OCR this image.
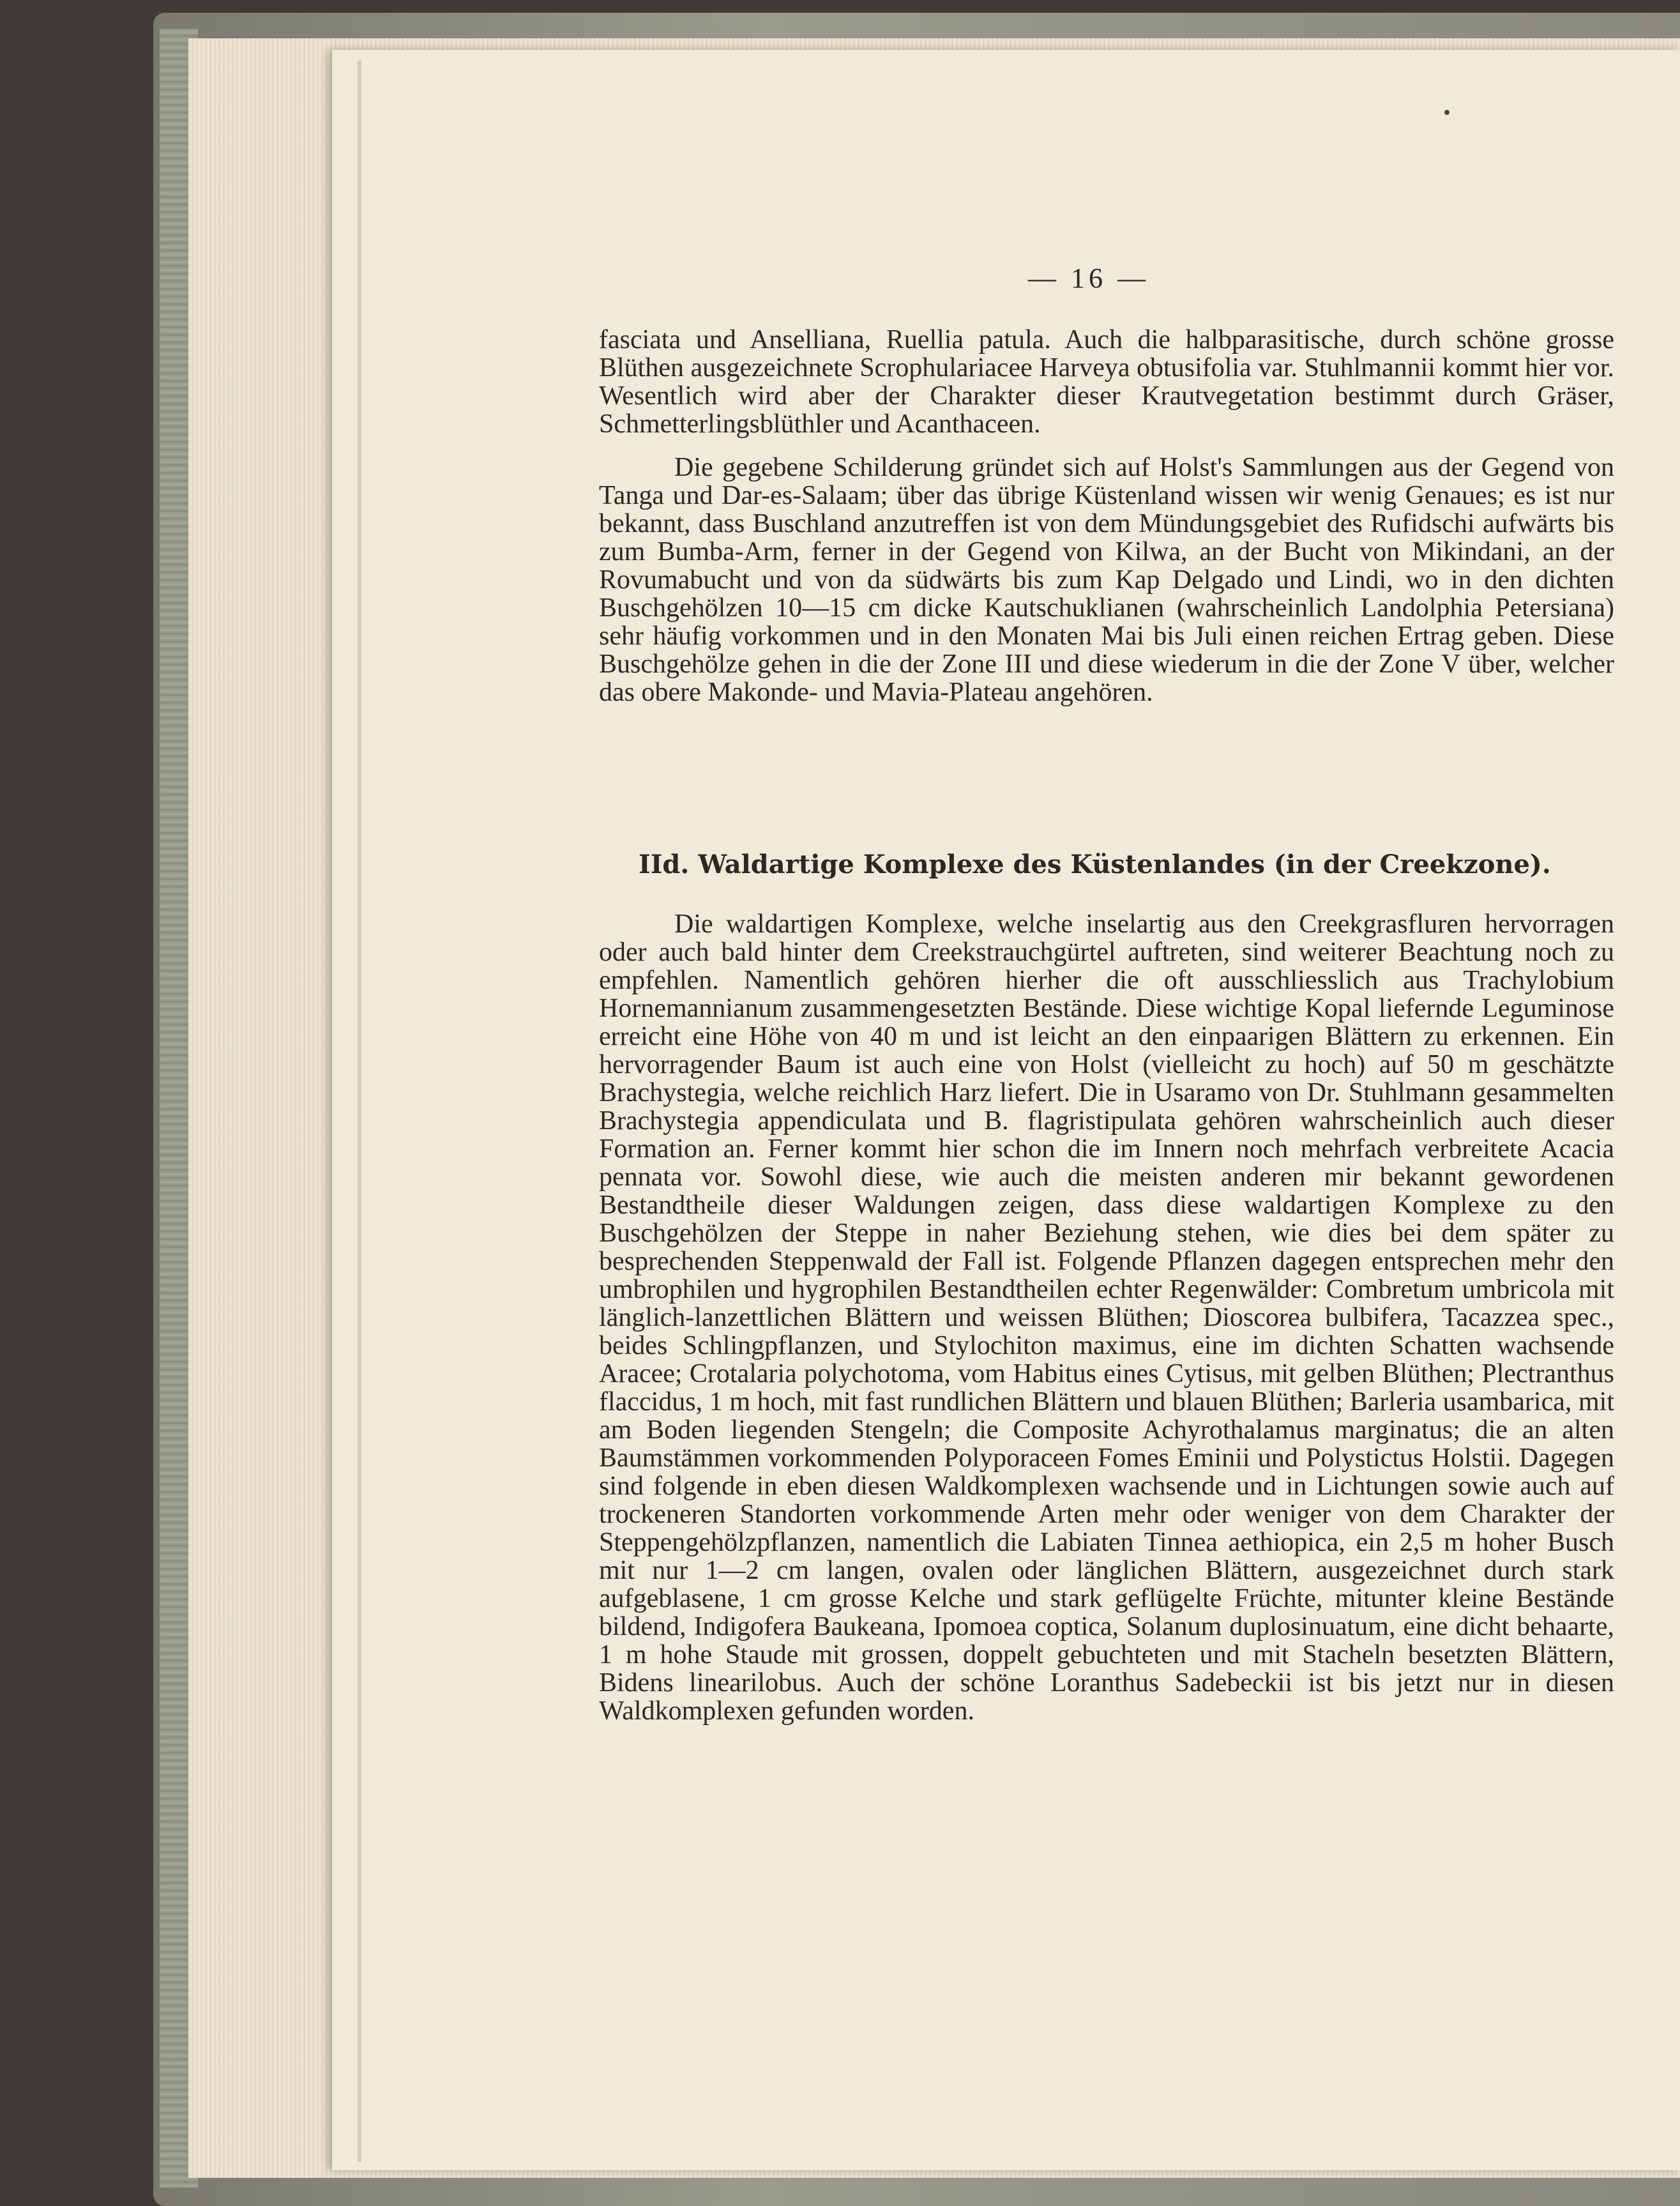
— 16 —
fasciata und Anselliana, Ruellia patula. Auch die halbparasitische, durch schöne grosse Blüthen ausgezeichnete Scrophulariacee Harveya obtusifolia var. Stuhlmannii kommt hier vor. Wesentlich wird aber der Charakter dieser Krautvegetation bestimmt durch Gräser, Schmetterlingsblüthler und Acanthaceen.
Die gegebene Schilderung gründet sich auf Holst's Sammlungen aus der Gegend von Tanga und Dar-es-Salaam; über das übrige Küstenland wissen wir wenig Genaues; es ist nur bekannt, dass Buschland anzutreffen ist von dem Mündungsgebiet des Rufidschi aufwärts bis zum Bumba-Arm, ferner in der Gegend von Kilwa, an der Bucht von Mikindani, an der Rovumabucht und von da südwärts bis zum Kap Delgado und Lindi, wo in den dichten Buschgehölzen 10—15 cm dicke Kautschuklianen (wahrscheinlich Landolphia Petersiana) sehr häufig vorkommen und in den Monaten Mai bis Juli einen reichen Ertrag geben. Diese Buschgehölze gehen in die der Zone III und diese wiederum in die der Zone V über, welcher das obere Makonde- und Mavia-Plateau angehören.
IId. Waldartige Komplexe des Küstenlandes (in der Creekzone).
Die waldartigen Komplexe, welche inselartig aus den Creekgrasfluren hervorragen oder auch bald hinter dem Creekstrauchgürtel auftreten, sind weiterer Beachtung noch zu empfehlen. Namentlich gehören hierher die oft ausschliesslich aus Trachylobium Hornemannianum zusammengesetzten Bestände. Diese wichtige Kopal liefernde Leguminose erreicht eine Höhe von 40 m und ist leicht an den einpaarigen Blättern zu erkennen. Ein hervorragender Baum ist auch eine von Holst (vielleicht zu hoch) auf 50 m geschätzte Brachystegia, welche reichlich Harz liefert. Die in Usaramo von Dr. Stuhlmann gesammelten Brachystegia appendiculata und B. flagristipulata gehören wahrscheinlich auch dieser Formation an. Ferner kommt hier schon die im Innern noch mehrfach verbreitete Acacia pennata vor. Sowohl diese, wie auch die meisten anderen mir bekannt gewordenen Bestandtheile dieser Waldungen zeigen, dass diese waldartigen Komplexe zu den Buschgehölzen der Steppe in naher Beziehung stehen, wie dies bei dem später zu besprechenden Steppenwald der Fall ist. Folgende Pflanzen dagegen entsprechen mehr den umbrophilen und hygrophilen Bestandtheilen echter Regenwälder: Combretum umbricola mit länglich-lanzettlichen Blättern und weissen Blüthen; Dioscorea bulbifera, Tacazzea spec., beides Schlingpflanzen, und Stylochiton maximus, eine im dichten Schatten wachsende Aracee; Crotalaria polychotoma, vom Habitus eines Cytisus, mit gelben Blüthen; Plectranthus flaccidus, 1 m hoch, mit fast rundlichen Blättern und blauen Blüthen; Barleria usambarica, mit am Boden liegenden Stengeln; die Composite Achyrothalamus marginatus; die an alten Baumstämmen vorkommenden Polyporaceen Fomes Eminii und Polystictus Holstii. Dagegen sind folgende in eben diesen Waldkomplexen wachsende und in Lichtungen sowie auch auf trockeneren Standorten vorkommende Arten mehr oder weniger von dem Charakter der Steppengehölzpflanzen, namentlich die Labiaten Tinnea aethiopica, ein 2,5 m hoher Busch mit nur 1—2 cm langen, ovalen oder länglichen Blättern, ausgezeichnet durch stark aufgeblasene, 1 cm grosse Kelche und stark geflügelte Früchte, mitunter kleine Bestände bildend, Indigofera Baukeana, Ipomoea coptica, Solanum duplosinuatum, eine dicht behaarte, 1 m hohe Staude mit grossen, doppelt gebuchteten und mit Stacheln besetzten Blättern, Bidens linearilobus. Auch der schöne Loranthus Sadebeckii ist bis jetzt nur in diesen Waldkomplexen gefunden worden.
